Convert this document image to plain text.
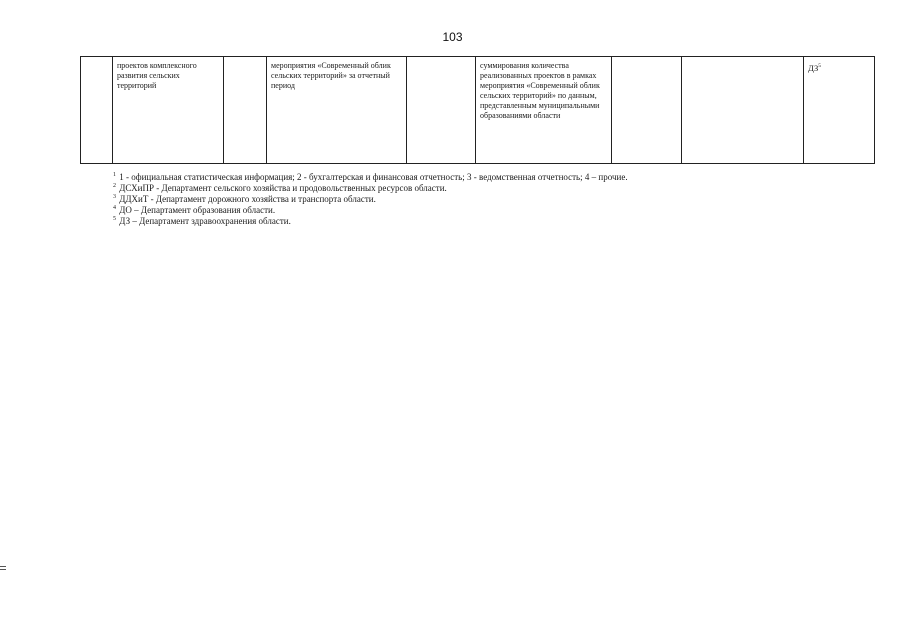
103
	проектов комплексного развития сельских территорий		мероприятия «Современный облик сельских территорий» за отчетный период		суммирования количества реализованных проектов в рамках мероприятия «Современный облик сельских территорий» по данным, представленным муниципальными образованиями области			$ДЗ^5$
$^1$ 1 - официальная статистическая информация; 2 - бухгалтерская и финансовая отчетность; 3 - ведомственная отчетность; 4 – прочие.
$^2$ ДСХиПР - Департамент сельского хозяйства и продовольственных ресурсов области.
$^3$ ДДХиТ - Департамент дорожного хозяйства и транспорта области.
$^4$ ДО – Департамент образования области.
$^5$ ДЗ – Департамент здравоохранения области.
